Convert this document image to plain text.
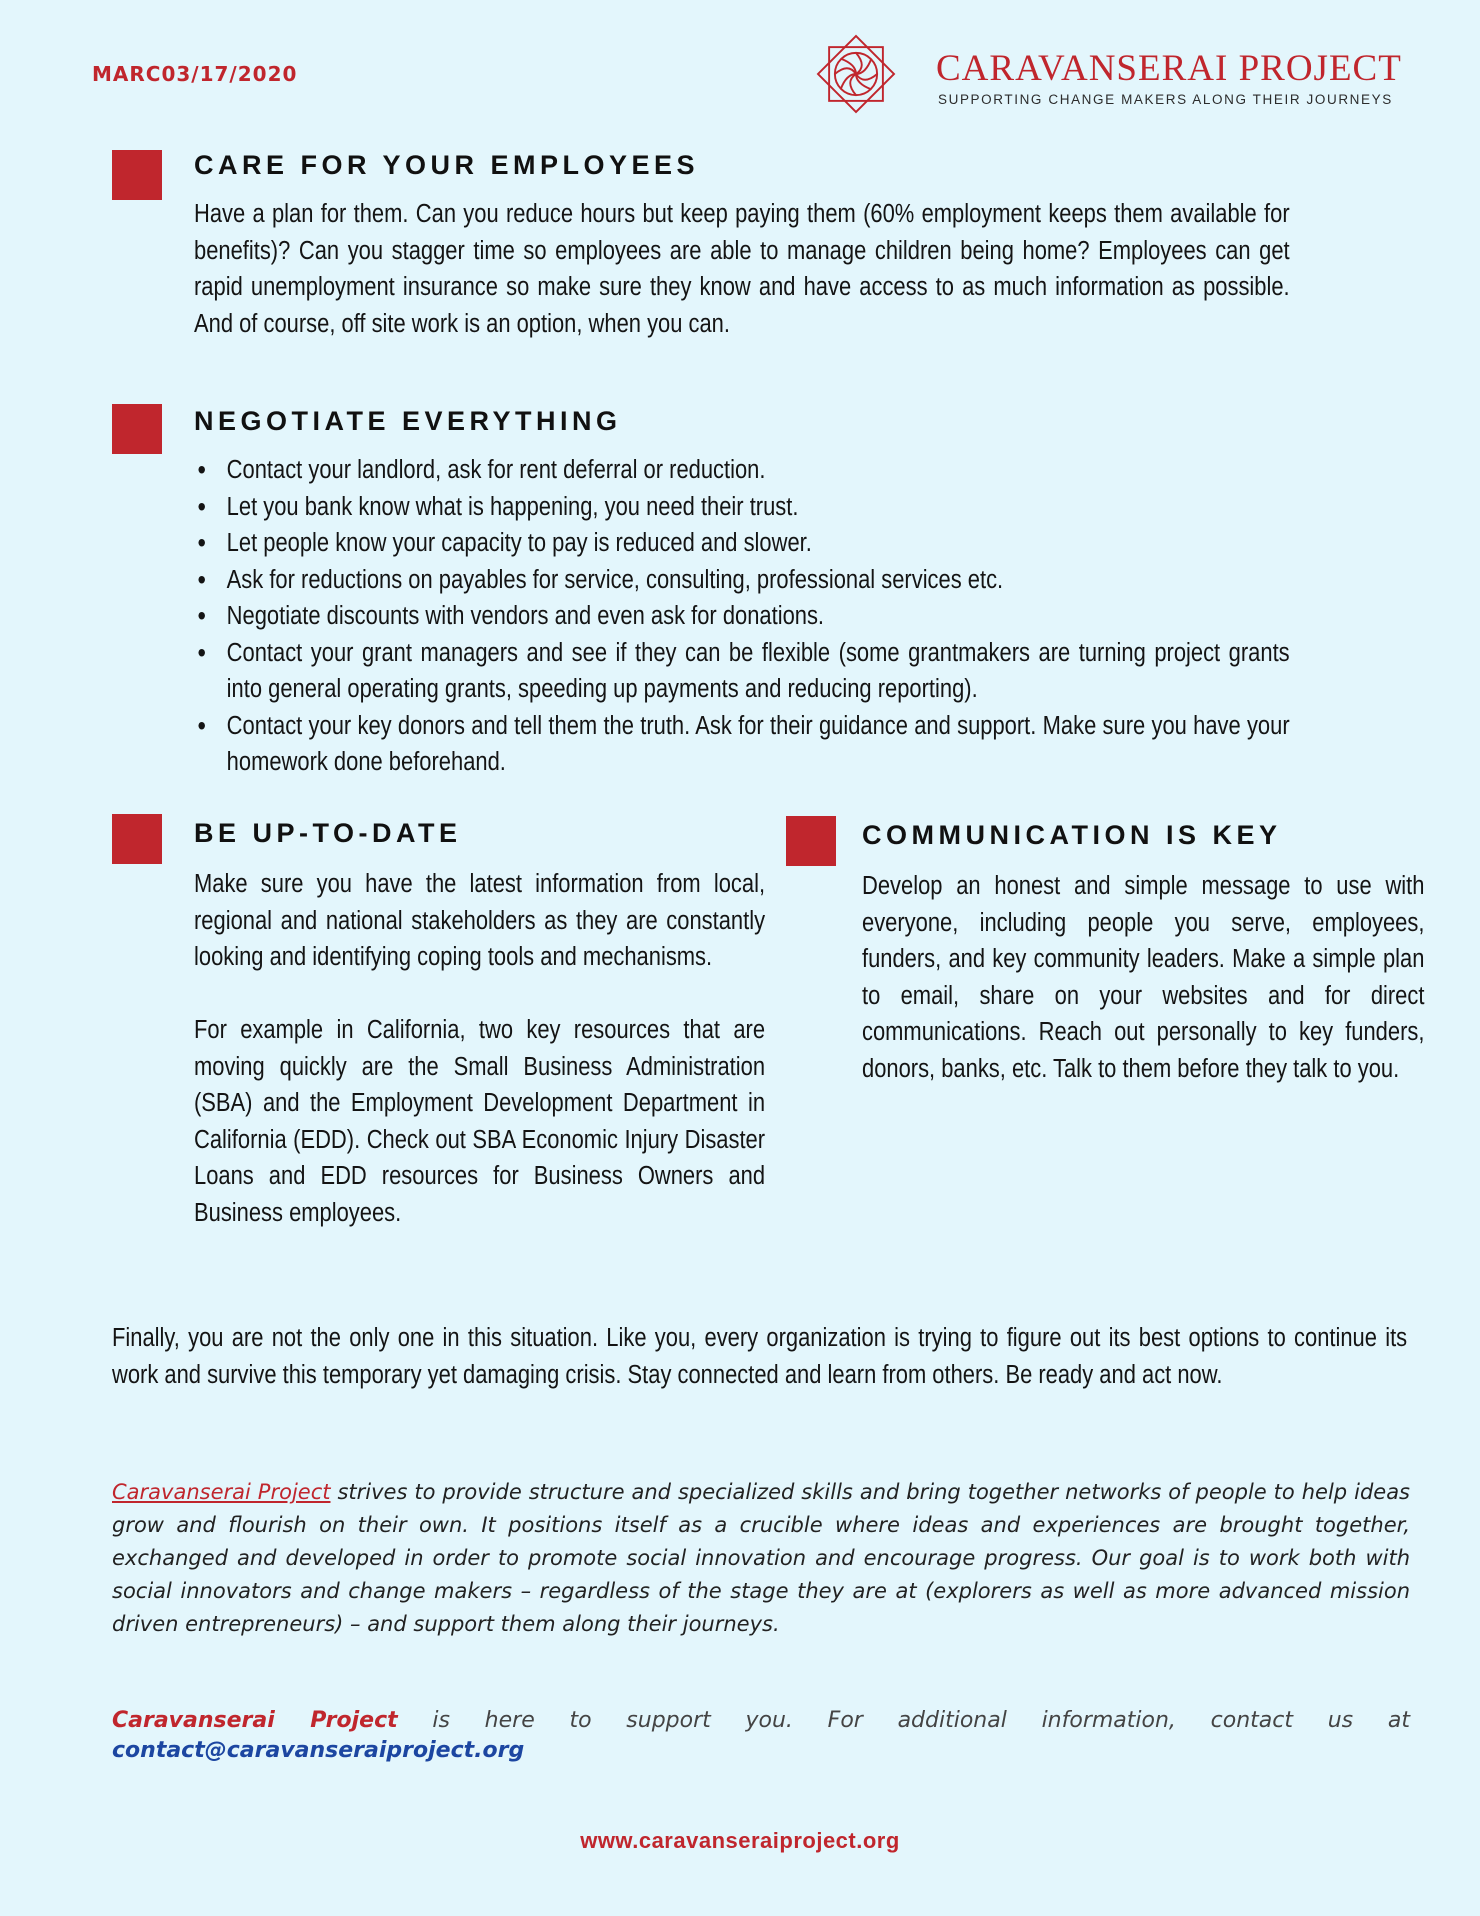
MARC03/17/2020	CARAVANSERAI PROJECT
SUPPORTING CHANGE MAKERS ALONG THEIR JOURNEYS
CARE FOR YOUR EMPLOYEES
Have a plan for them. Can you reduce hours but keep paying them (60% employment keeps them available for benefits)? Can you stagger time so employees are able to manage children being home? Employees can get rapid unemployment insurance so make sure they know and have access to as much information as possible. And of course, off site work is an option, when you can.
NEGOTIATE EVERYTHING
• Contact your landlord, ask for rent deferral or reduction.
• Let you bank know what is happening, you need their trust.
• Let people know your capacity to pay is reduced and slower.
• Ask for reductions on payables for service, consulting, professional services etc.
• Negotiate discounts with vendors and even ask for donations.
• Contact your grant managers and see if they can be flexible (some grantmakers are turning project grants into general operating grants, speeding up payments and reducing reporting).
• Contact your key donors and tell them the truth. Ask for their guidance and support. Make sure you have your homework done beforehand.
BE UP-TO-DATE
Make sure you have the latest information from local, regional and national stakeholders as they are constantly looking and identifying coping tools and mechanisms.
For example in California, two key resources that are moving quickly are the Small Business Administration (SBA) and the Employment Development Department in California (EDD). Check out SBA Economic Injury Disaster Loans and EDD resources for Business Owners and Business employees.
COMMUNICATION IS KEY
Develop an honest and simple message to use with everyone, including people you serve, employees, funders, and key community leaders. Make a simple plan to email, share on your websites and for direct communications. Reach out personally to key funders, donors, banks, etc. Talk to them before they talk to you.
Finally, you are not the only one in this situation. Like you, every organization is trying to figure out its best options to continue its work and survive this temporary yet damaging crisis. Stay connected and learn from others. Be ready and act now.
Caravanserai Project strives to provide structure and specialized skills and bring together networks of people to help ideas grow and flourish on their own. It positions itself as a crucible where ideas and experiences are brought together, exchanged and developed in order to promote social innovation and encourage progress. Our goal is to work both with social innovators and change makers – regardless of the stage they are at (explorers as well as more advanced mission driven entrepreneurs) – and support them along their journeys.
Caravanserai Project is here to support you. For additional information, contact us at
contact@caravanseraiproject.org
www.caravanseraiproject.org
